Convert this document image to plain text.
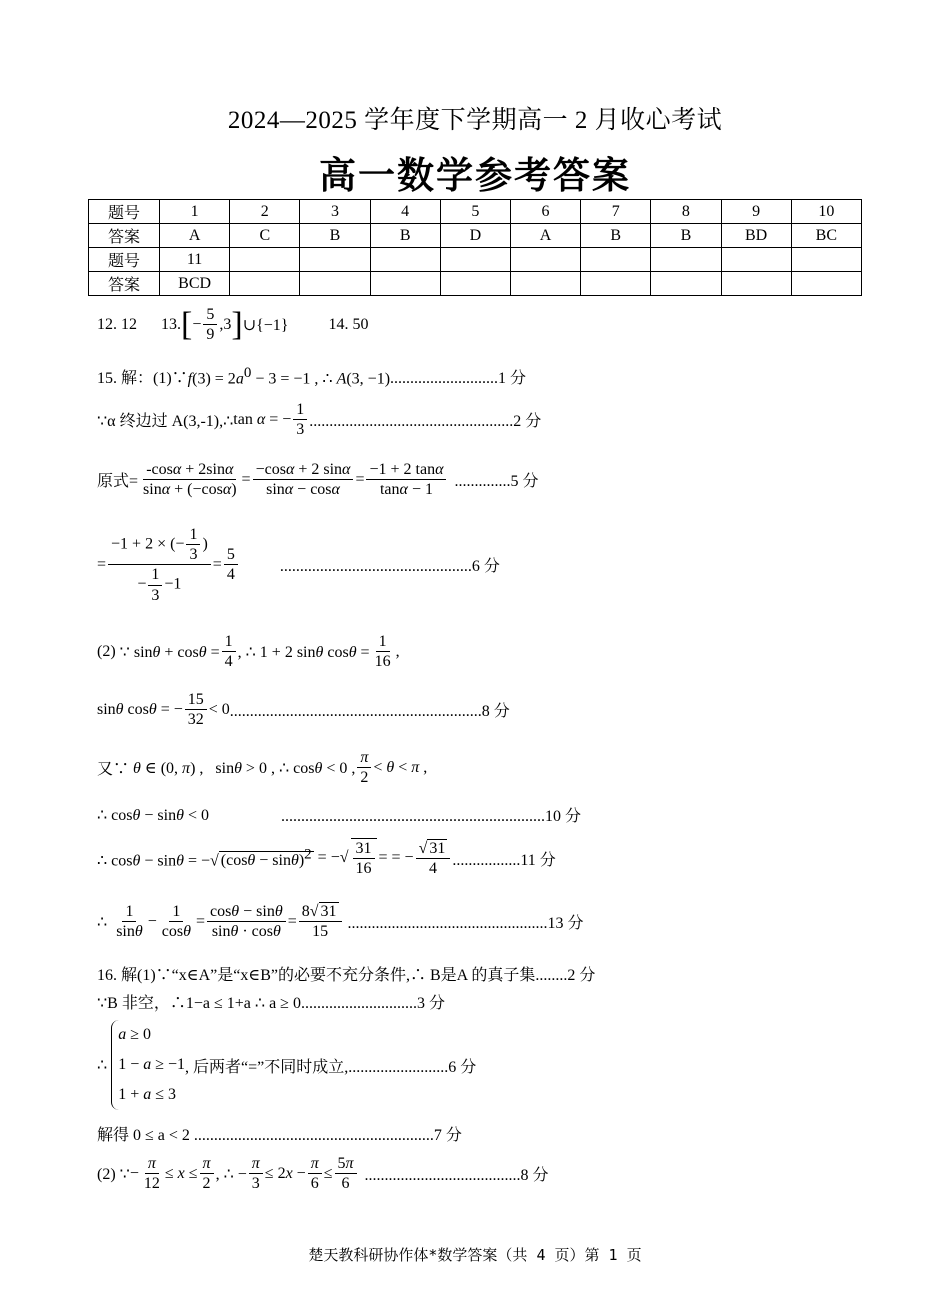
2024—2025 学年度下学期高一 2 月收心考试
高一数学参考答案
题号	1	2	3	4	5	6	7	8	9	10
答案	A	C	B	B	D	A	B	B	BD	BC
题号	11									
答案	BCD									
12. 12 13. [ − $\frac{5}{9} ,3$ ] ∪{−1}	14. 50
15. 解：(1)∵ $f(3) = 2a^0 - 3 = -1$ , ∴ A(3, −1) ...........................1 分
∵α 终边过 A(3,-1),∴ tan α = − $\frac{1}{3} ...................................................2$ 分
原式= $\frac{-\cos\alpha + 2\sin\alpha}{\sin\alpha + (-\cos\alpha)} = \frac{-\cos\alpha + 2 \sin\alpha}{\sin\alpha - \cos\alpha} = \frac{-1 + 2 \tan\alpha}{\tan\alpha - 1} ..............5$ 分
= $\frac{-1 + 2 \times (- \frac{1}{3} )}{- \frac{1}{3} -1} = \frac{5}{4}$	................................................6 分
(2) ∵ $\sin\theta + \cos\theta = \frac{1}{4}$ , ∴ 1 + 2 sinθ $\cos\theta = \frac{1}{16}$ ,
sinθ cosθ = − $\frac{15}{32} < 0$ ...............................................................8 分
又∵ θ ∈ (0, π) ,   sinθ > 0 , ∴ cosθ < 0 , $\frac{\pi}{2} < \theta < \pi$ ,
∴ cosθ − sinθ < 0	..................................................................10 分
∴ cosθ − sinθ = −√ $(\cos\theta - \sin\theta)^2$ = −√ $\frac{31}{16}$ = = − $\frac{√ 31}{4} .................11$ 分
∴ $\frac{1}{\sin\theta} - \frac{1}{\cos\theta} = \frac{\cos\theta - \sin\theta}{\sin\theta \cdot \cos\theta} = \frac{8√ 31}{15} ..................................................13$ 分
16. 解(1)∵“x∈A”是“x∈B”的必要不充分条件,∴ B是A 的真子集 ........2 分
∵B 非空，∴1−a ≤ 1+a ∴ a ≥ 0 .............................3 分
∴
a ≥ 0
1 − a ≥ −1
1 + a ≤ 3
, 后两者“=”不同时成立, .........................6 分
解得 0 ≤ a < 2 ............................................................7 分
(2) ∵ − $\frac{\pi}{12} \le x \le \frac{\pi}{2}$ , ∴ − $\frac{\pi}{3} \le 2x - \frac{\pi}{6} \le \frac{5\pi}{6} .......................................8$ 分
楚天教科研协作体*数学答案（共 4 页）第 1 页
